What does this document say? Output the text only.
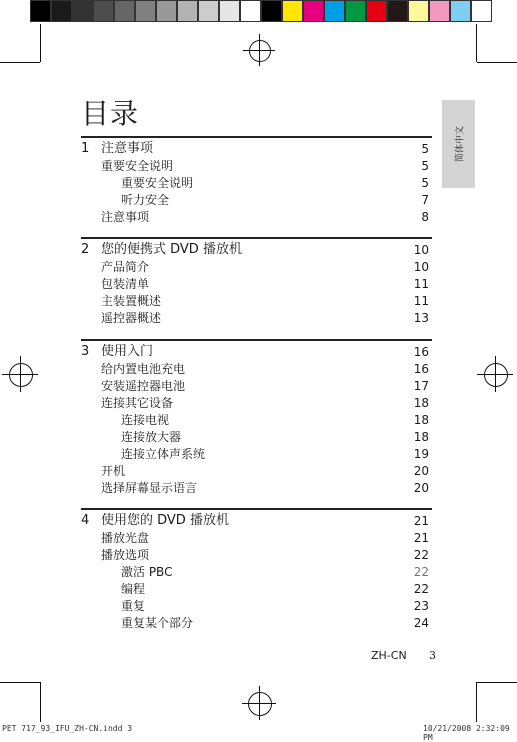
简体中文
目录
1 注意事项	5
重要安全说明	5
重要安全说明	5
听力安全	7
注意事项	8
2 您的便携式 DVD 播放机	10
产品简介	10
包装清单	11
主装置概述	11
遥控器概述	13
3 使用入门	16
给内置电池充电	16
安装遥控器电池	17
连接其它设备	18
连接电视	18
连接放大器	18
连接立体声系统	19
开机	20
选择屏幕显示语言	20
4 使用您的 DVD 播放机	21
播放光盘	21
播放选项	22
激活 PBC	22
编程	22
重复	23
重复某个部分	24
ZH-CN 3
PET 717_93_IFU_ZH-CN.indd 3	10/21/2008 2:32:09 PM
